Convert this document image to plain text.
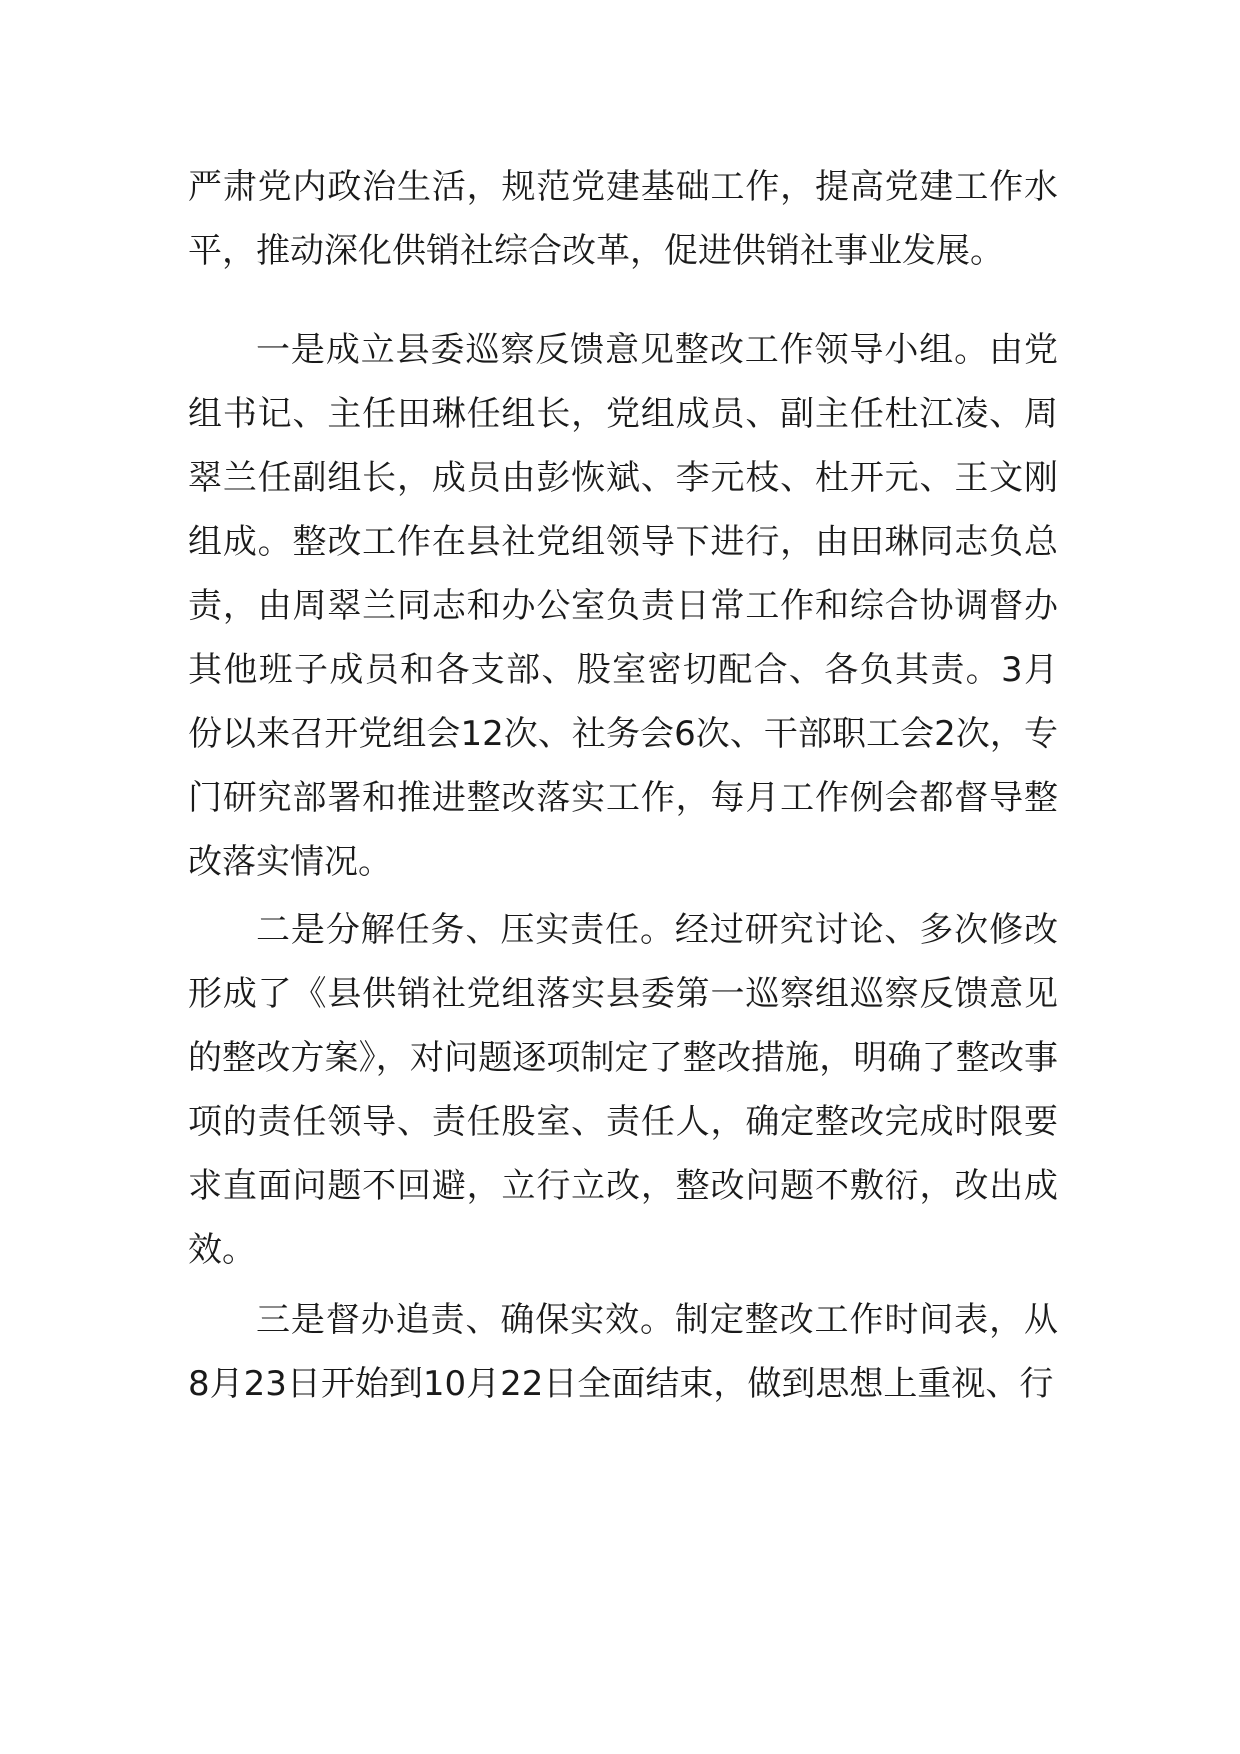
严肃党内政治生活，规范党建基础工作，提高党建工作水平，推动深化供销社综合改革，促进供销社事业发展。

一是成立县委巡察反馈意见整改工作领导小组。由党组书记、主任田琳任组长，党组成员、副主任杜江凌、周翠兰任副组长，成员由彭恢斌、李元枝、杜开元、王文刚组成。整改工作在县社党组领导下进行，由田琳同志负总责，由周翠兰同志和办公室负责日常工作和综合协调督办其他班子成员和各支部、股室密切配合、各负其责。3月份以来召开党组会12次、社务会6次、干部职工会2次，专门研究部署和推进整改落实工作，每月工作例会都督导整改落实情况。

二是分解任务、压实责任。经过研究讨论、多次修改形成了《县供销社党组落实县委第一巡察组巡察反馈意见的整改方案》，对问题逐项制定了整改措施，明确了整改事项的责任领导、责任股室、责任人，确定整改完成时限要求直面问题不回避，立行立改，整改问题不敷衍，改出成效。

三是督办追责、确保实效。制定整改工作时间表，从8月23日开始到10月22日全面结束，做到思想上重视、行
